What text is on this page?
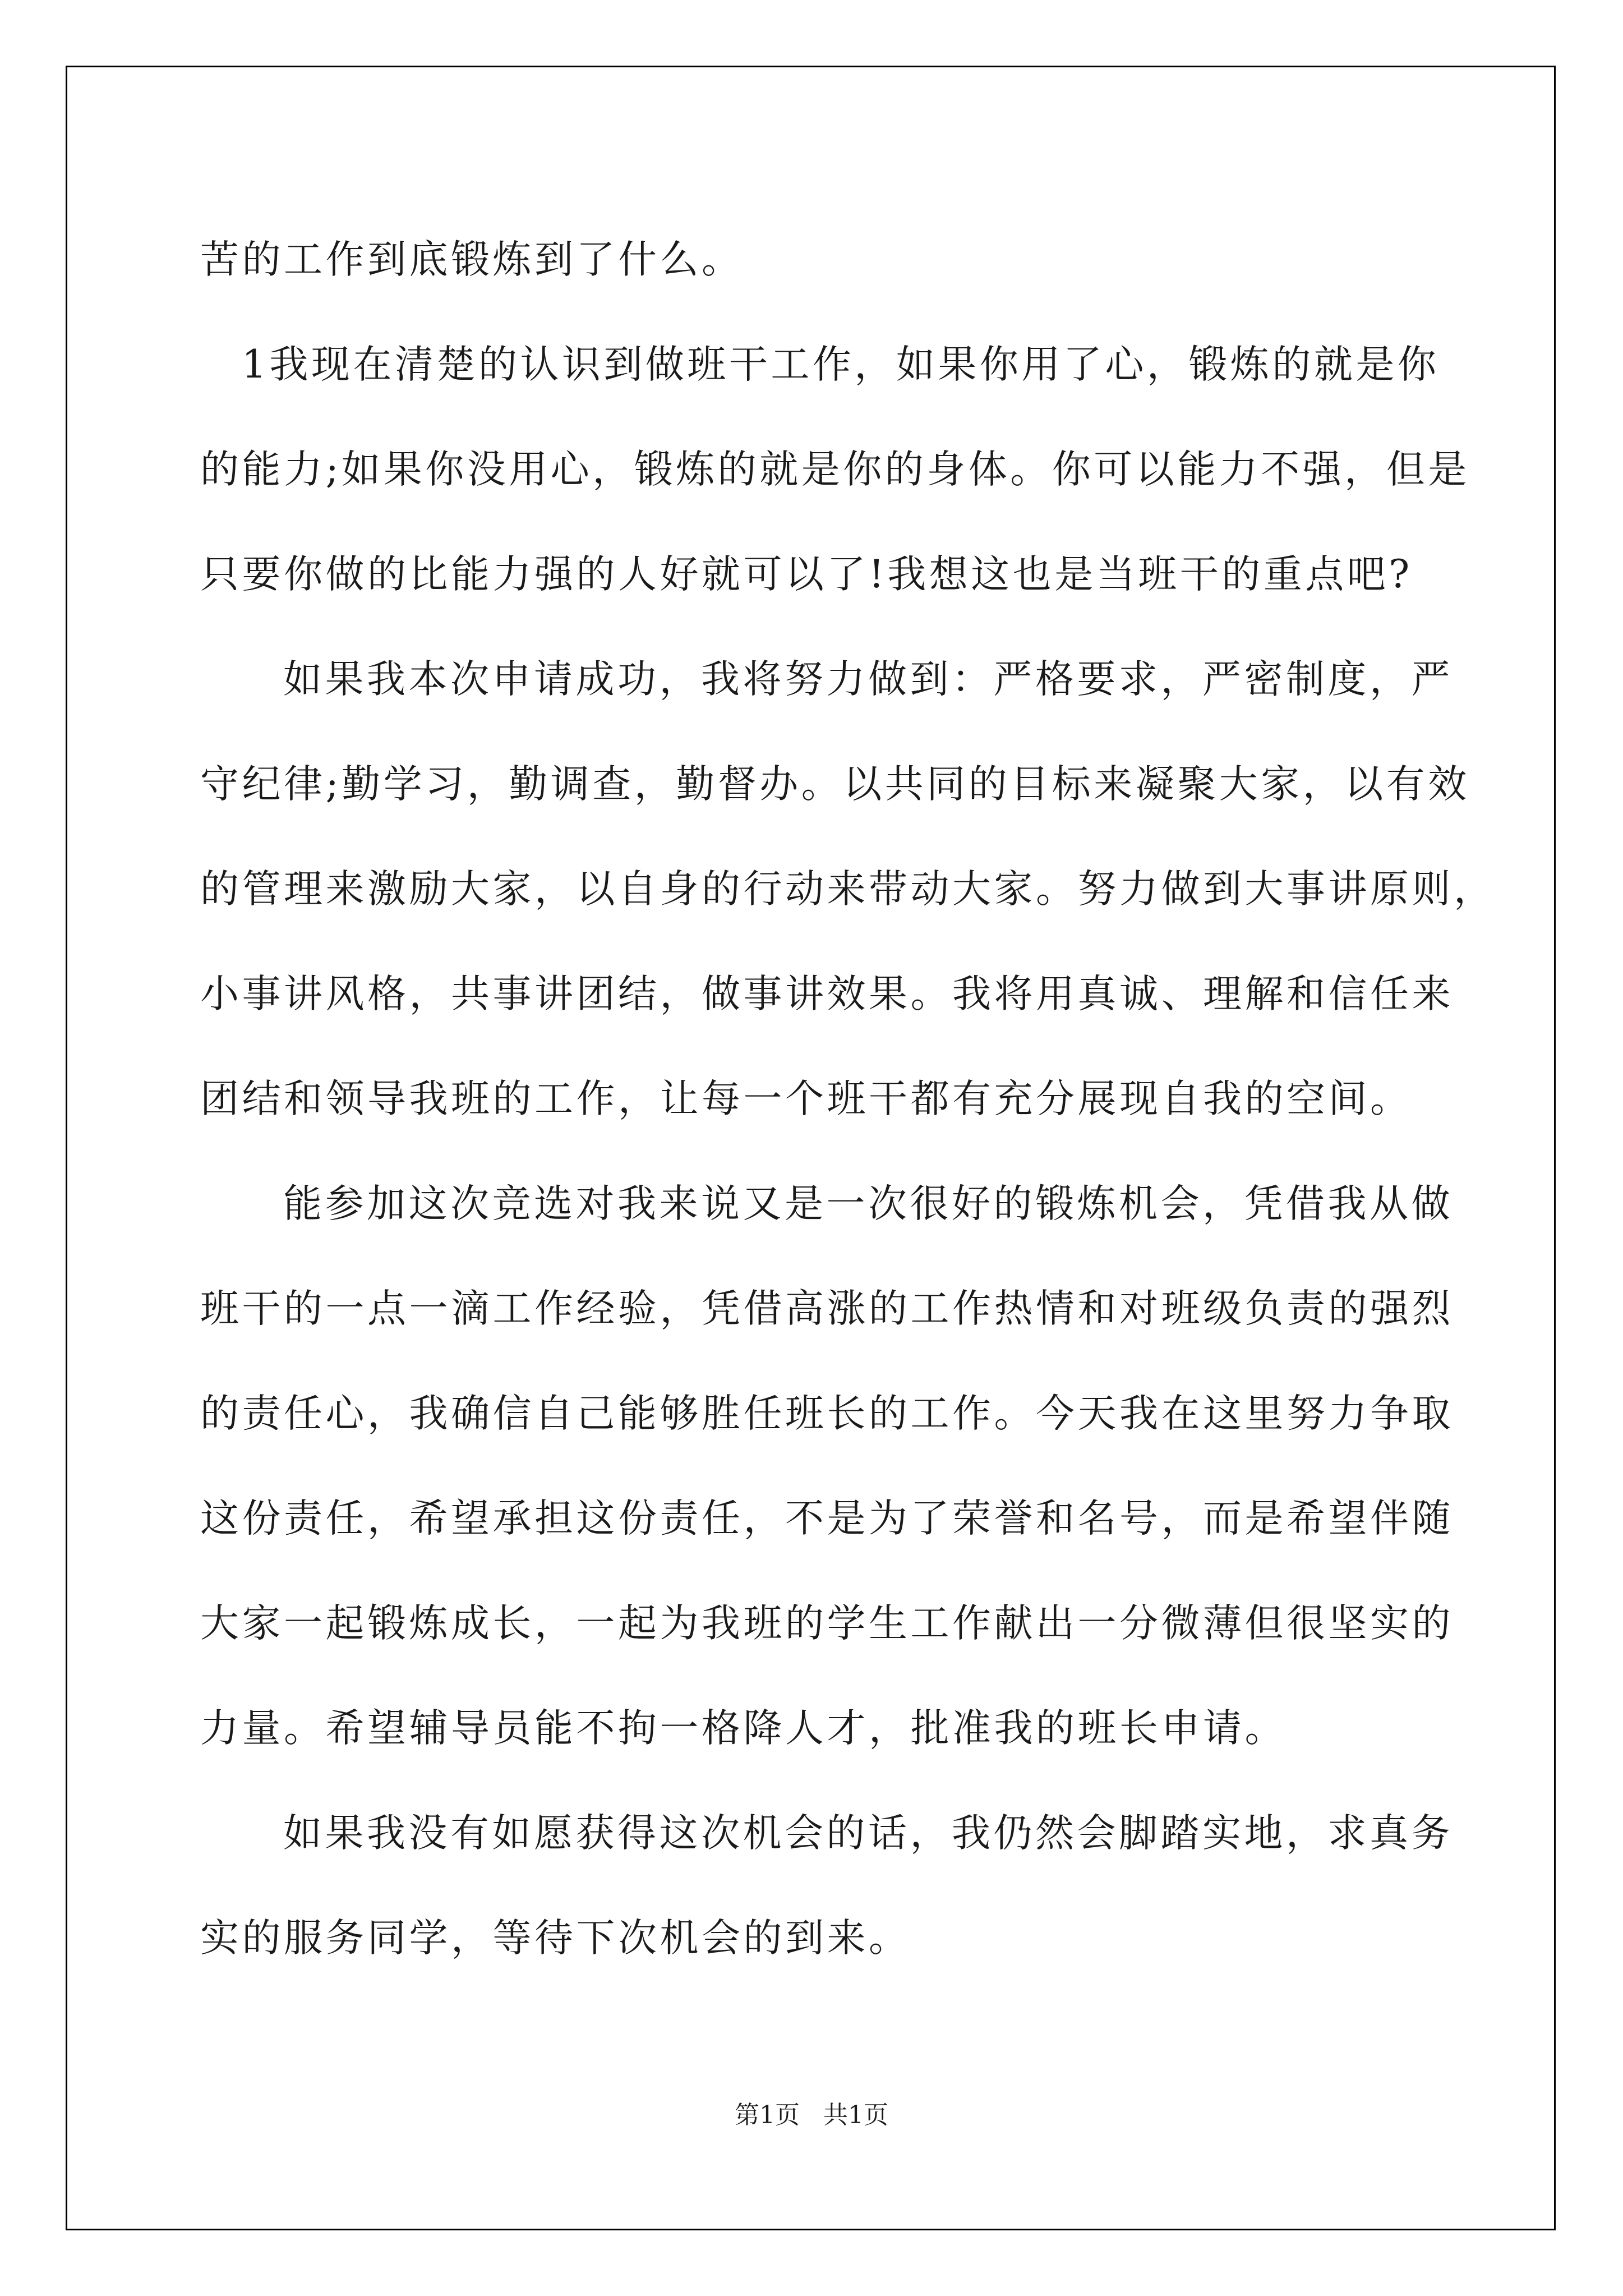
苦的工作到底锻炼到了什么。
1我现在清楚的认识到做班干工作，如果你用了心，锻炼的就是你
的能力;如果你没用心，锻炼的就是你的身体。你可以能力不强，但是
只要你做的比能力强的人好就可以了!我想这也是当班干的重点吧?
如果我本次申请成功，我将努力做到：严格要求，严密制度，严
守纪律;勤学习，勤调查，勤督办。以共同的目标来凝聚大家，以有效
的管理来激励大家，以自身的行动来带动大家。努力做到大事讲原则，
小事讲风格，共事讲团结，做事讲效果。我将用真诚、理解和信任来
团结和领导我班的工作，让每一个班干都有充分展现自我的空间。
能参加这次竞选对我来说又是一次很好的锻炼机会，凭借我从做
班干的一点一滴工作经验，凭借高涨的工作热情和对班级负责的强烈
的责任心，我确信自己能够胜任班长的工作。今天我在这里努力争取
这份责任，希望承担这份责任，不是为了荣誉和名号，而是希望伴随
大家一起锻炼成长，一起为我班的学生工作献出一分微薄但很坚实的
力量。希望辅导员能不拘一格降人才，批准我的班长申请。
如果我没有如愿获得这次机会的话，我仍然会脚踏实地，求真务
实的服务同学，等待下次机会的到来。
第1页 共1页
